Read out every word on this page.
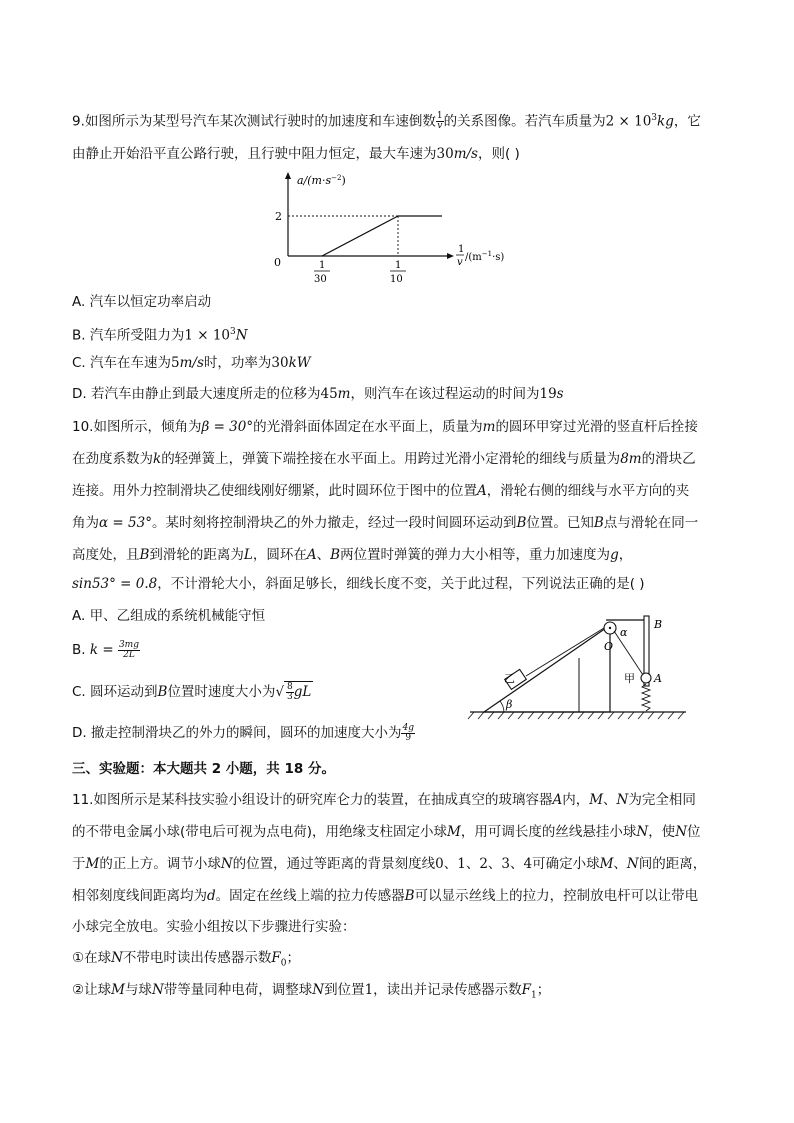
9.如图所示为某型号汽车某次测试行驶时的加速度和车速倒数 $\frac{1}{v}$ 的关系图像。若汽车质量为$2 \times 10^3kg$，它
由静止开始沿平直公路行驶，且行驶中阻力恒定，最大车速为30m/s，则( )
$a/(m\cdot s^{-2})$
0
2
1
30
1
10
1
v $/(m^{-1}\cdot s)$
A. 汽车以恒定功率启动
B. 汽车所受阻力为$1 \times 10^3N$
C. 汽车在车速为5m/s时，功率为30kW
D. 若汽车由静止到最大速度所走的位移为45m，则汽车在该过程运动的时间为19s
10.如图所示，倾角为β = 30°的光滑斜面体固定在水平面上，质量为m的圆环甲穿过光滑的竖直杆后拴接
在劲度系数为k的轻弹簧上，弹簧下端拴接在水平面上。用跨过光滑小定滑轮的细线与质量为8m的滑块乙
连接。用外力控制滑块乙使细线刚好绷紧，此时圆环位于图中的位置A，滑轮右侧的细线与水平方向的夹
角为α = 53°。某时刻将控制滑块乙的外力撤走，经过一段时间圆环运动到B位置。已知B点与滑轮在同一
高度处，且B到滑轮的距离为L，圆环在A、B两位置时弹簧的弹力大小相等，重力加速度为g，
sin53° = 0.8，不计滑轮大小，斜面足够长，细线长度不变，关于此过程，下列说法正确的是( )
A. 甲、乙组成的系统机械能守恒
B. $k = \frac{3mg}{2L}$
C. 圆环运动到B位置时速度大小为√ $\frac{8}{3}$ gL
D. 撤走控制滑块乙的外力的瞬间，圆环的加速度大小为 $\frac{4g}{9}$
乙
β
O
α
B
甲 A
三、实验题：本大题共 2 小题，共 18 分。
11.如图所示是某科技实验小组设计的研究库仑力的装置，在抽成真空的玻璃容器A内，M、N为完全相同
的不带电金属小球(带电后可视为点电荷)，用绝缘支柱固定小球M，用可调长度的丝线悬挂小球N，使N位
于M的正上方。调节小球N的位置，通过等距离的背景刻度线0、1、2、3、4可确定小球M、N间的距离，
相邻刻度线间距离均为d。固定在丝线上端的拉力传感器B可以显示丝线上的拉力，控制放电杆可以让带电
小球完全放电。实验小组按以下步骤进行实验：
①在球N不带电时读出传感器示数$F_0$；
②让球M与球N带等量同种电荷，调整球N到位置1，读出并记录传感器示数$F_1$；
